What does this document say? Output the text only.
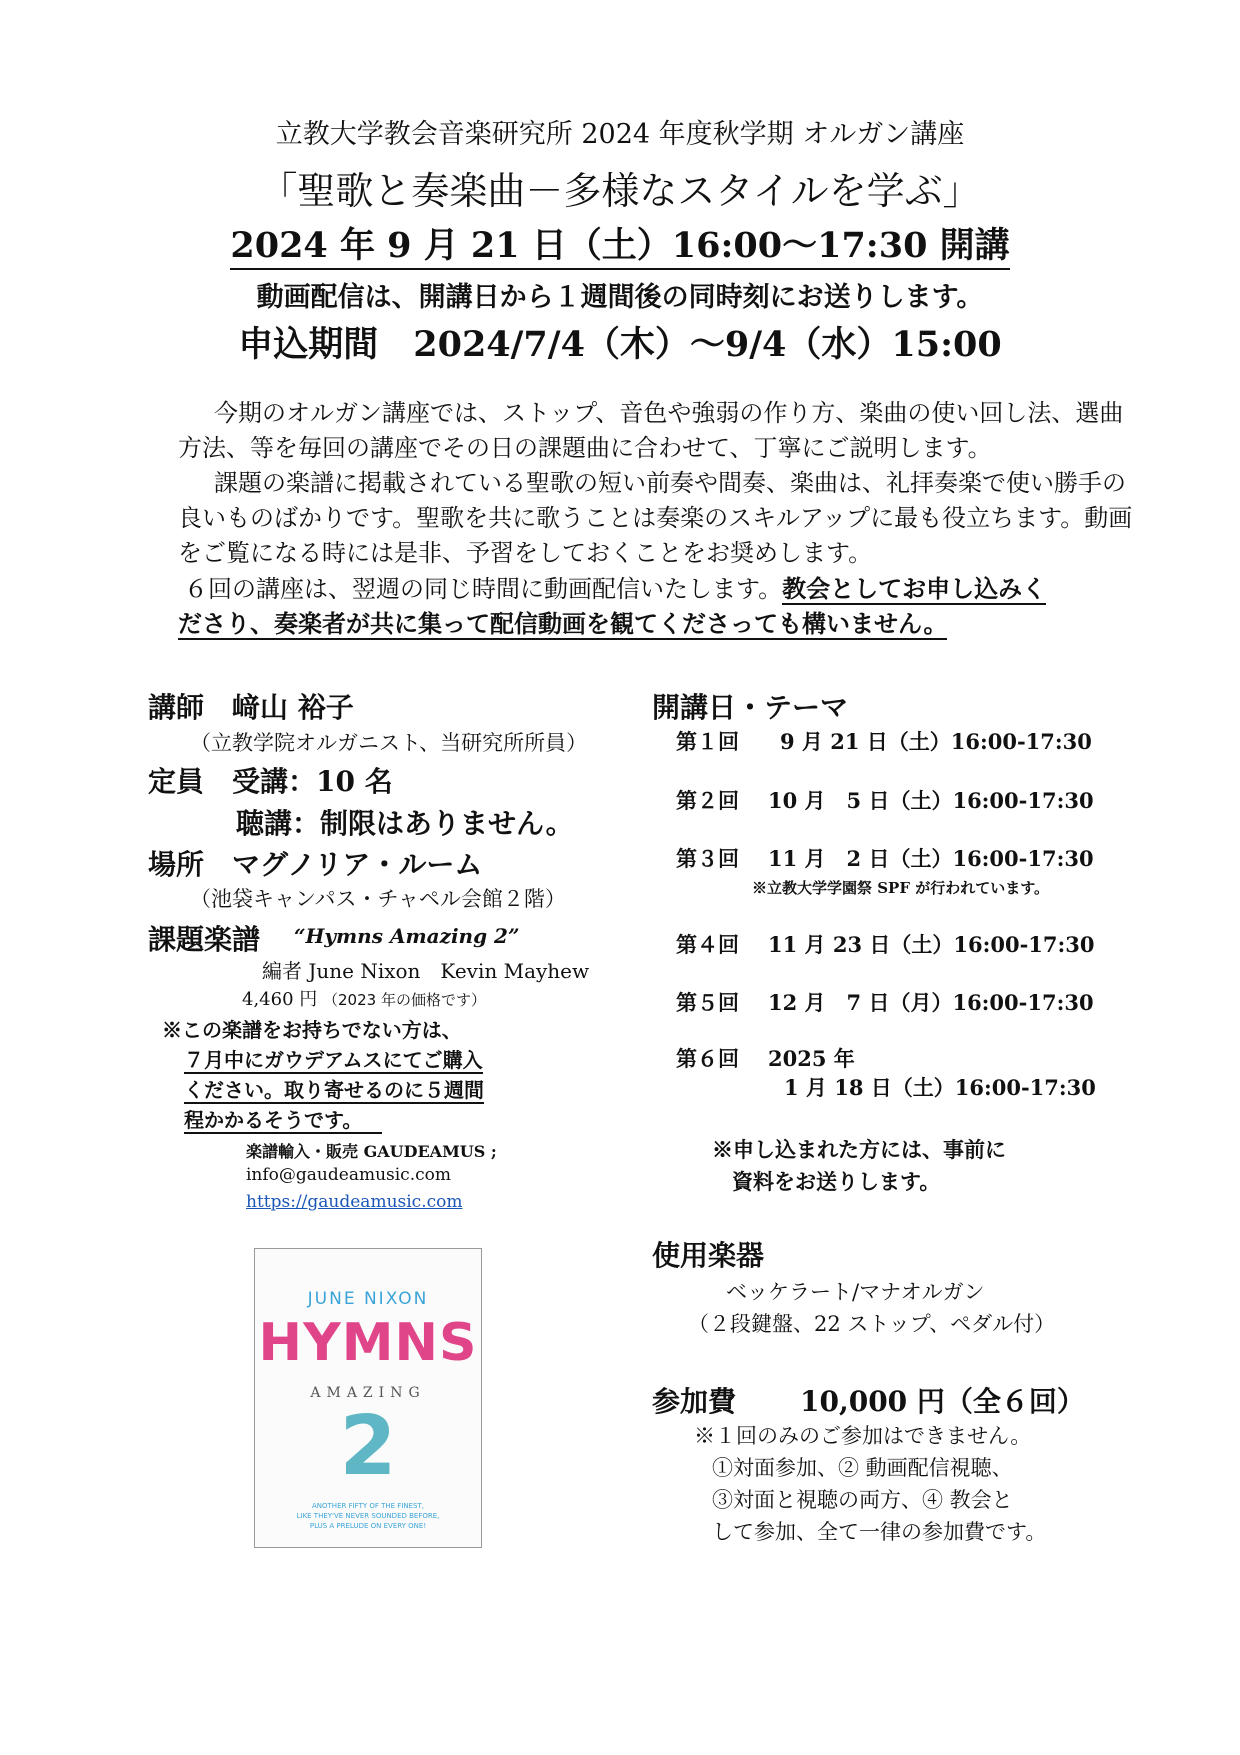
立教大学教会音楽研究所 2024 年度秋学期 オルガン講座
「聖歌と奏楽曲－多様なスタイルを学ぶ」
2024 年 9 月 21 日（土）16:00～17:30 開講
動画配信は、開講日から１週間後の同時刻にお送りします。
申込期間　2024/7/4（木）～9/4（水）15:00

今期のオルガン講座では、ストップ、音色や強弱の作り方、楽曲の使い回し法、選曲方法、等を毎回の講座でその日の課題曲に合わせて、丁寧にご説明します。

課題の楽譜に掲載されている聖歌の短い前奏や間奏、楽曲は、礼拝奏楽で使い勝手の良いものばかりです。聖歌を共に歌うことは奏楽のスキルアップに最も役立ちます。動画をご覧になる時には是非、予習をしておくことをお奨めします。

６回の講座は、翌週の同じ時間に動画配信いたします。教会としてお申し込みく

ださり、奏楽者が共に集って配信動画を観てくださっても構いません。

講師　﨑山 裕子
（立教学院オルガニスト、当研究所所員）
定員　受講：10 名
聴講：制限はありません。
場所　マグノリア・ルーム
（池袋キャンパス・チャペル会館２階）
課題楽譜 “Hymns Amazing 2”
編者 June Nixon　Kevin Mayhew
4,460 円 （2023 年の価格です）
※この楽譜をお持ちでない方は、
７月中にガウデアムスにてご購入
ください。取り寄せるのに５週間
程かかるそうです。
楽譜輸入・販売 GAUDEAMUS ;
info@gaudeamusic.com
https://gaudeamusic.com
JUNE NIXON
HYMNS
AMAZING
2
ANOTHER FIFTY OF THE FINEST,
LIKE THEY'VE NEVER SOUNDED BEFORE,
PLUS A PRELUDE ON EVERY ONE!
開講日・テーマ
第１回 9 月 21 日（土）16:00-17:30
第２回 10 月　5 日（土）16:00-17:30
第３回 11 月　2 日（土）16:00-17:30
※立教大学学園祭 SPF が行われています。
第４回 11 月 23 日（土）16:00-17:30
第５回 12 月　7 日（月）16:00-17:30
第６回 2025 年
1 月 18 日（土）16:00-17:30
※申し込まれた方には、事前に
資料をお送りします。
使用楽器
ベッケラート/マナオルガン
（２段鍵盤、22 ストップ、ペダル付）
参加費 10,000 円（全６回）
※１回のみのご参加はできません。
①対面参加、② 動画配信視聴、
③対面と視聴の両方、④ 教会と
して参加、全て一律の参加費です。
